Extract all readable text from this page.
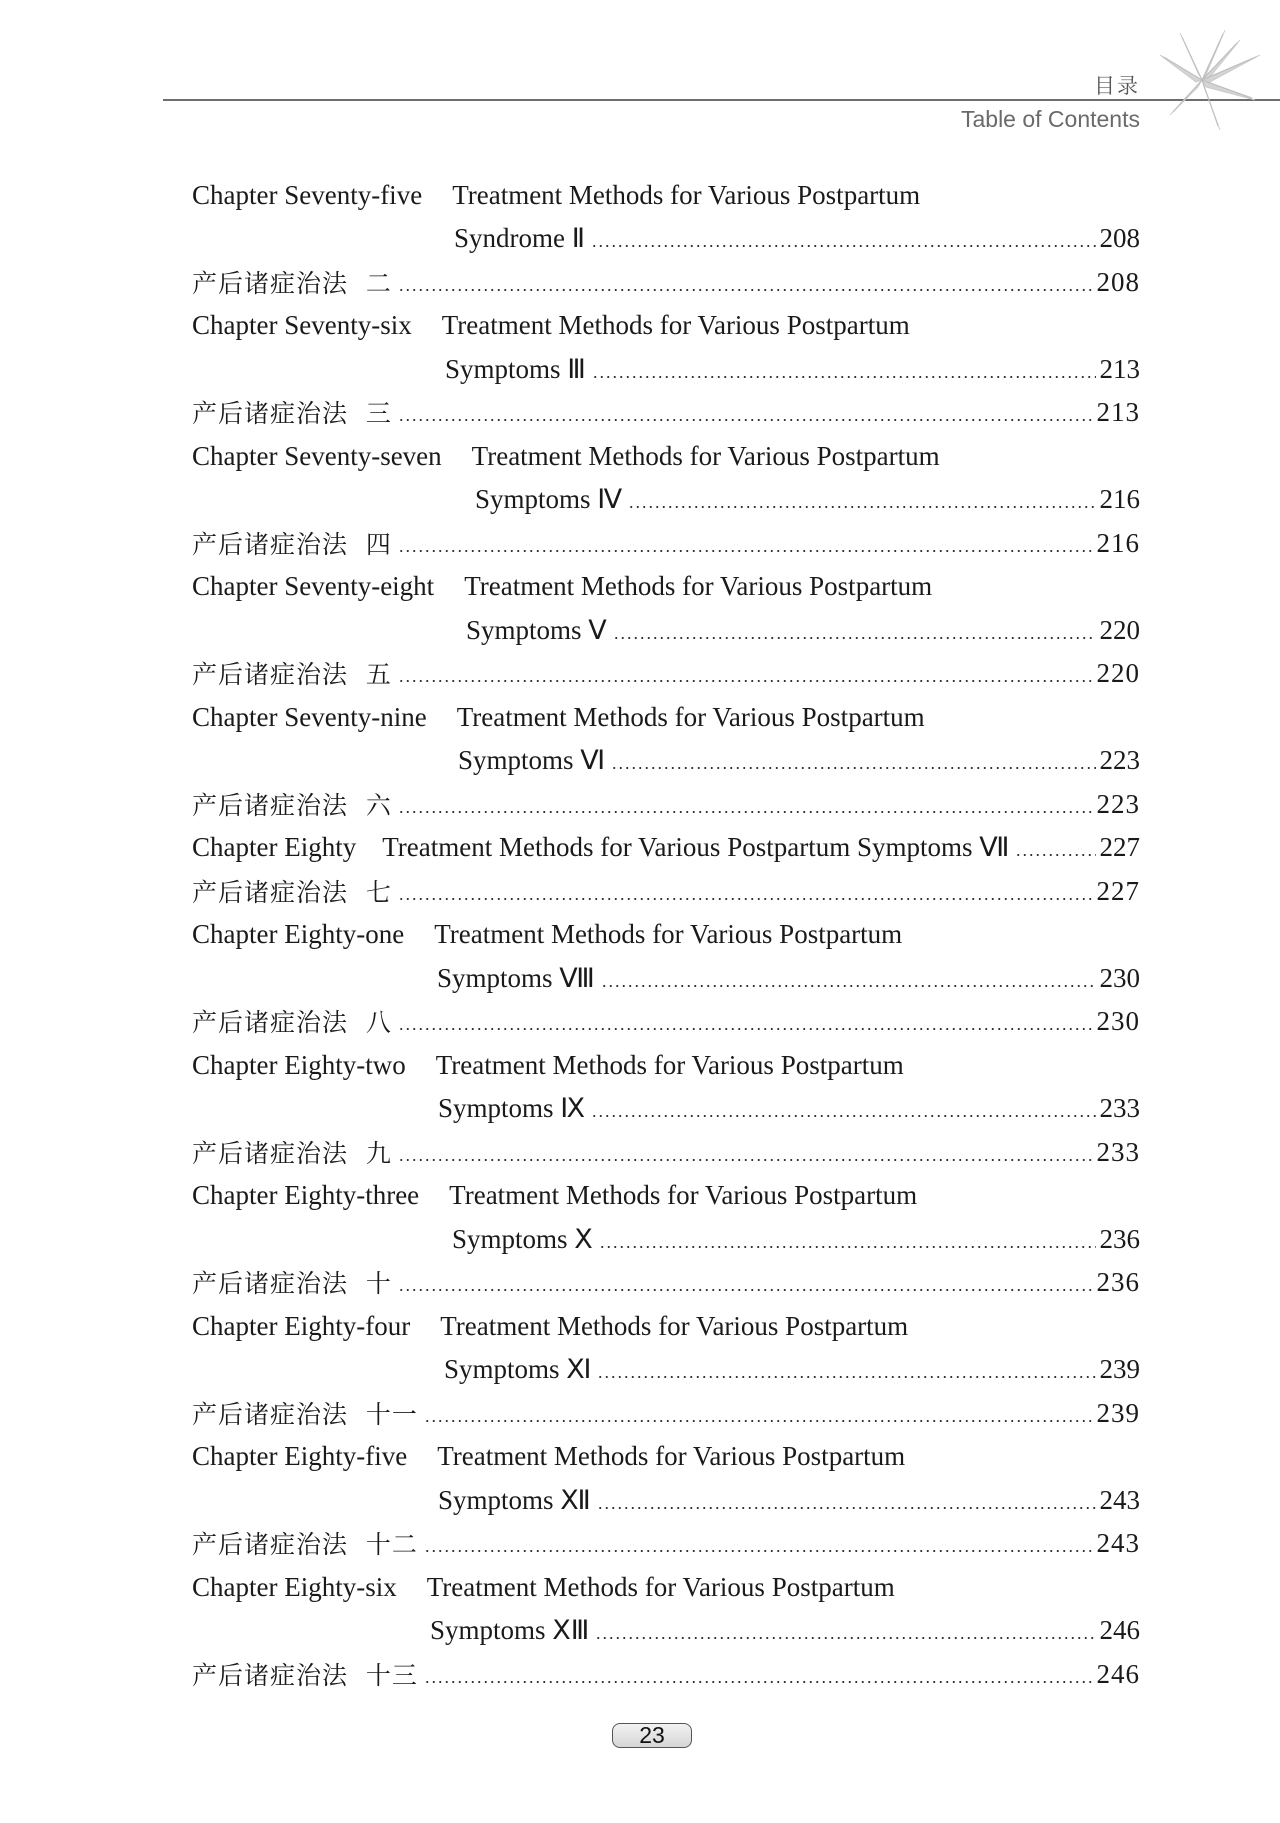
目录
Table of Contents
Chapter Seventy-five Treatment Methods for Various Postpartum
Syndrome Ⅱ	208
产后诸症治法  二	208
Chapter Seventy-six Treatment Methods for Various Postpartum
Symptoms Ⅲ	213
产后诸症治法  三	213
Chapter Seventy-seven Treatment Methods for Various Postpartum
Symptoms Ⅳ	216
产后诸症治法  四	216
Chapter Seventy-eight Treatment Methods for Various Postpartum
Symptoms Ⅴ	220
产后诸症治法  五	220
Chapter Seventy-nine Treatment Methods for Various Postpartum
Symptoms Ⅵ	223
产后诸症治法  六	223
Chapter Eighty Treatment Methods for Various Postpartum Symptoms Ⅶ	227
产后诸症治法  七	227
Chapter Eighty-one Treatment Methods for Various Postpartum
Symptoms Ⅷ	230
产后诸症治法  八	230
Chapter Eighty-two Treatment Methods for Various Postpartum
Symptoms Ⅸ	233
产后诸症治法  九	233
Chapter Eighty-three Treatment Methods for Various Postpartum
Symptoms Ⅹ	236
产后诸症治法  十	236
Chapter Eighty-four Treatment Methods for Various Postpartum
Symptoms Ⅺ	239
产后诸症治法  十一	239
Chapter Eighty-five Treatment Methods for Various Postpartum
Symptoms Ⅻ	243
产后诸症治法  十二	243
Chapter Eighty-six Treatment Methods for Various Postpartum
Symptoms ⅩⅢ	246
产后诸症治法  十三	246
23
